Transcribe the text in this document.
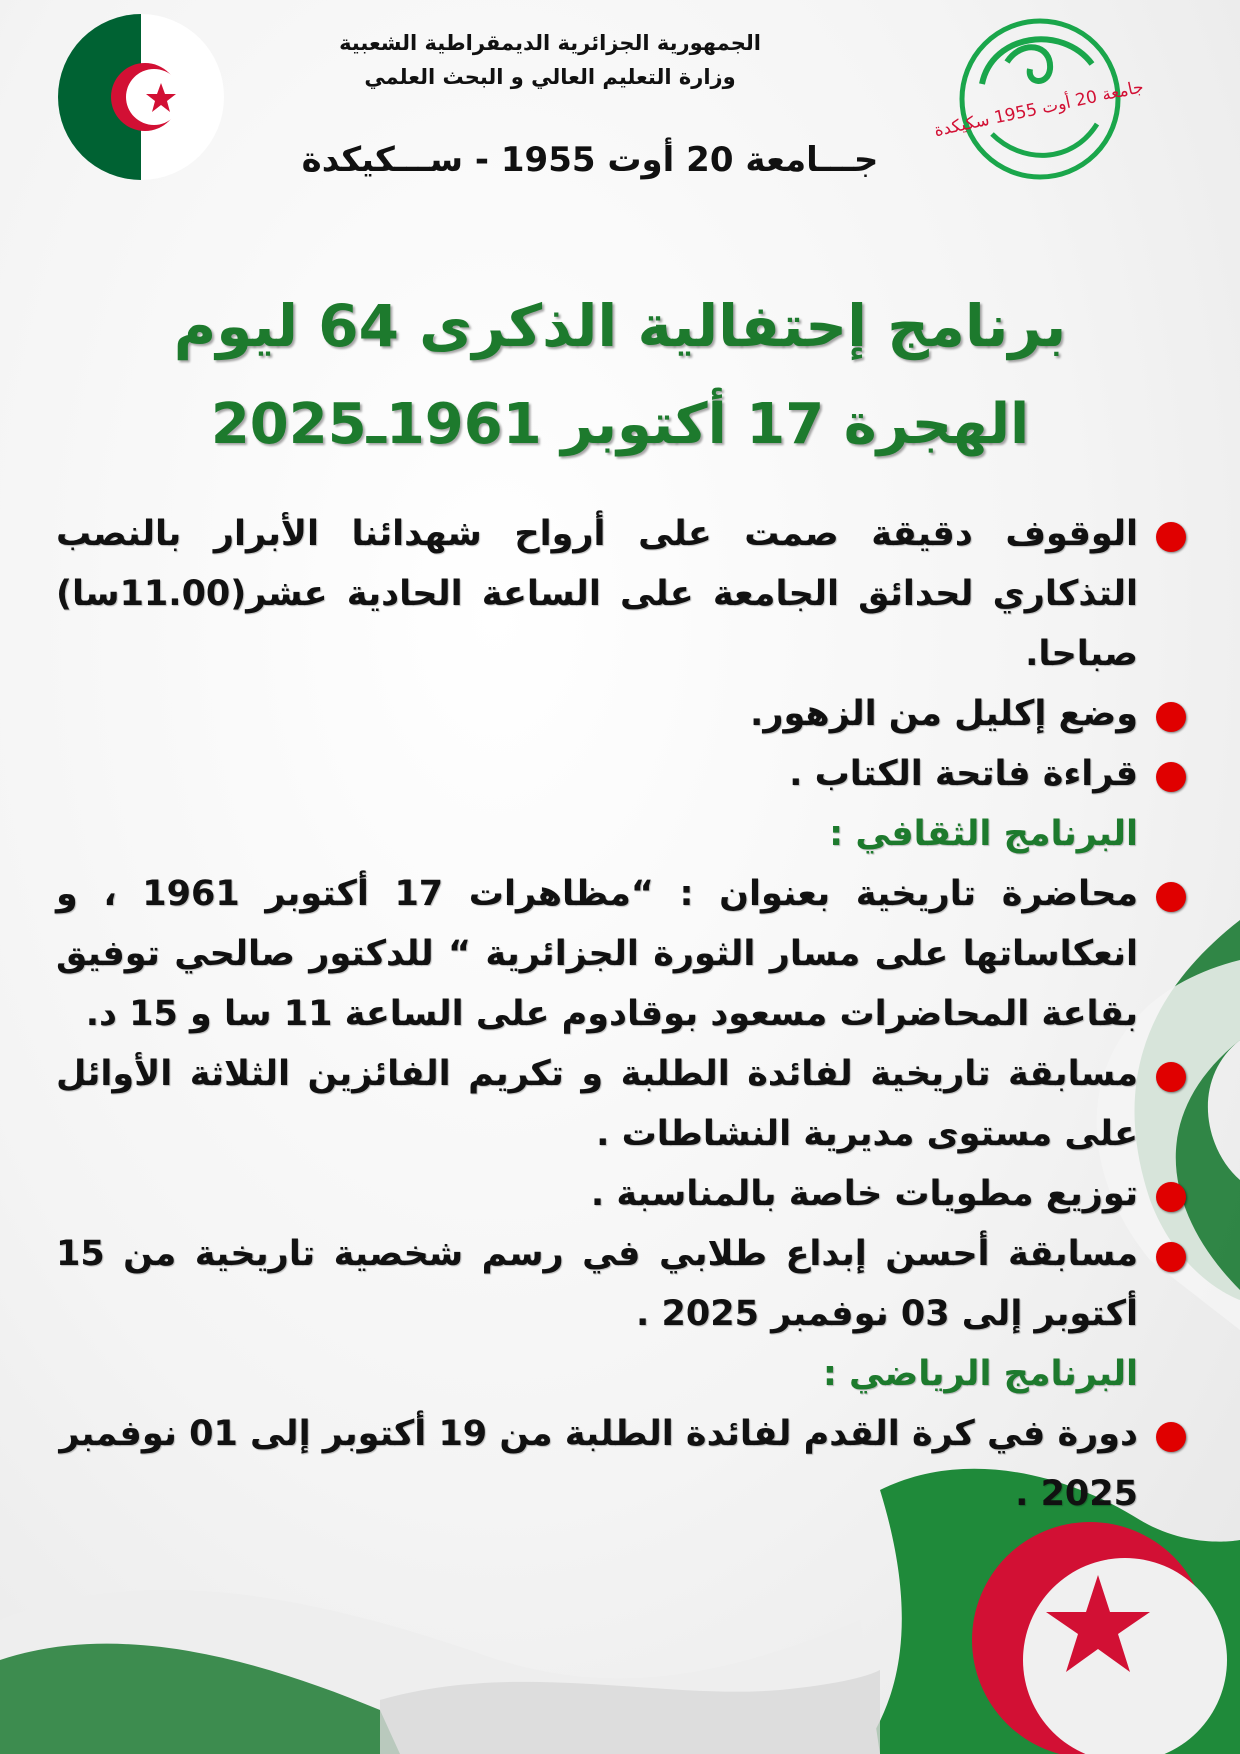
جامعة 20 أوت 1955 سكيكدة
الجمهورية الجزائرية الديمقراطية الشعبية
وزارة التعليم العالي و البحث العلمي
جـــامعة 20 أوت 1955 - ســـكيكدة
برنامج إحتفالية الذكرى 64 ليوم
الهجرة 17 أكتوبر 1961ـ2025

الوقوف دقيقة صمت على أرواح شهدائنا الأبرار بالنصب التذكاري لحدائق الجامعة على الساعة الحادية عشر(11.00سا) صباحا.

وضع إكليل من الزهور.

قراءة فاتحة الكتاب .

البرنامج الثقافي :

محاضرة تاريخية بعنوان : “مظاهرات 17 أكتوبر 1961 ، و انعكاساتها على مسار الثورة الجزائرية “ للدكتور صالحي توفيق بقاعة المحاضرات مسعود بوقادوم على الساعة 11 سا و 15 د.

مسابقة تاريخية لفائدة الطلبة و تكريم الفائزين الثلاثة الأوائل على مستوى مديرية النشاطات .

توزيع مطويات خاصة بالمناسبة .

مسابقة أحسن إبداع طلابي في رسم شخصية تاريخية من 15 أكتوبر إلى 03 نوفمبر 2025 .

البرنامج الرياضي :

دورة في كرة القدم لفائدة الطلبة من 19 أكتوبر إلى 01 نوفمبر 2025 .
